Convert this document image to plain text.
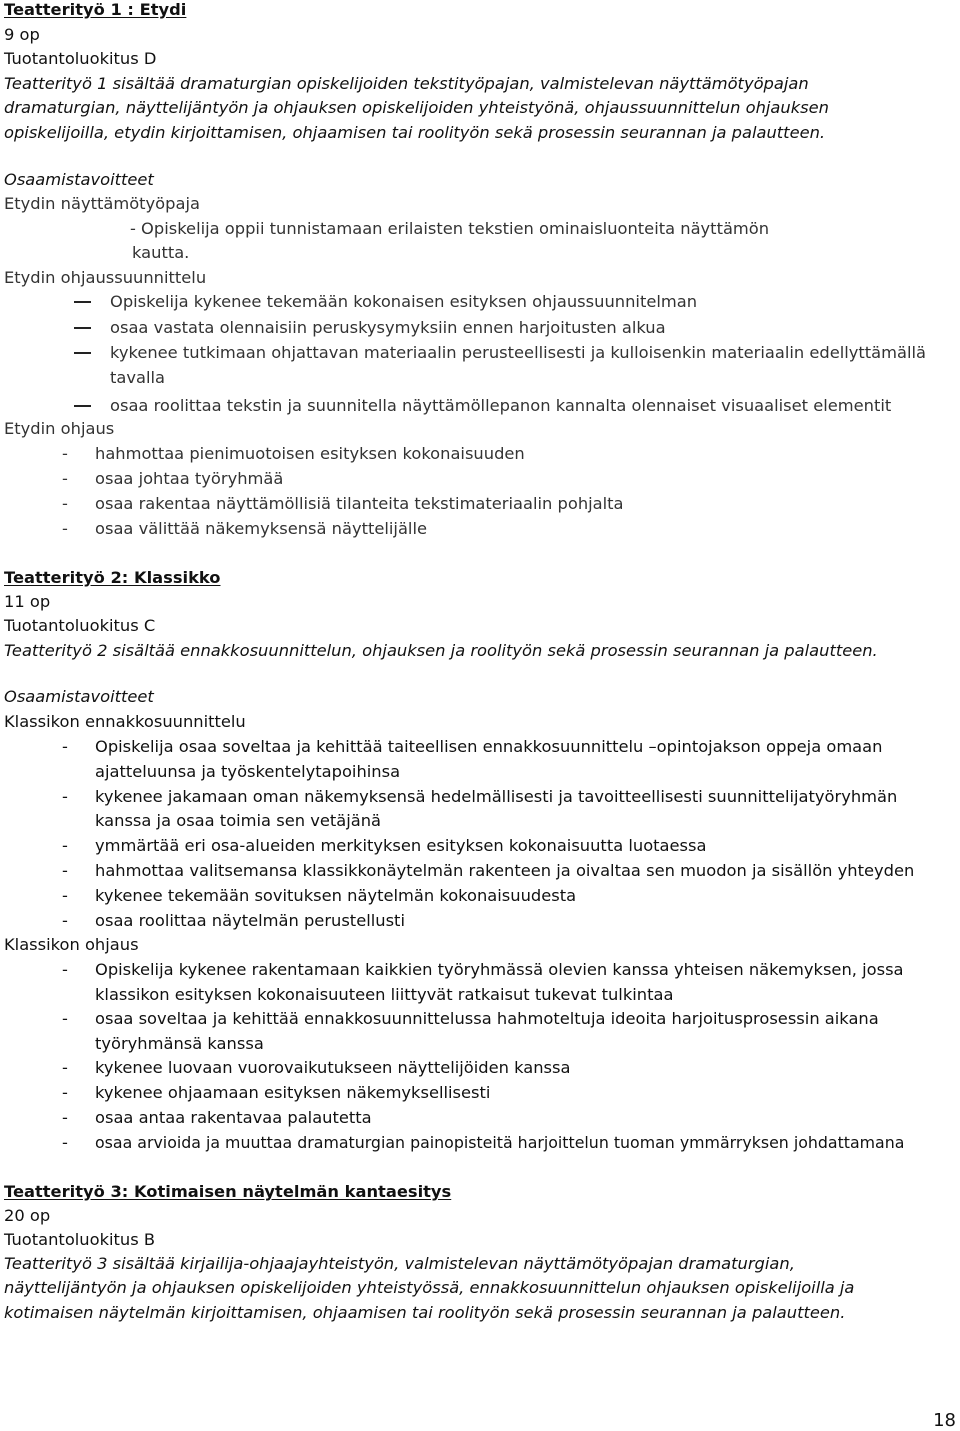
Teatterityö 1 : Etydi
9 op
Tuotantoluokitus D
Teatterityö 1 sisältää dramaturgian opiskelijoiden tekstityöpajan, valmistelevan näyttämötyöpajan
dramaturgian, näyttelijäntyön ja ohjauksen opiskelijoiden yhteistyönä, ohjaussuunnittelun ohjauksen
opiskelijoilla, etydin kirjoittamisen, ohjaamisen tai roolityön sekä prosessin seurannan ja palautteen.
Osaamistavoitteet
Etydin näyttämötyöpaja
- Opiskelija oppii tunnistamaan erilaisten tekstien ominaisluonteita näyttämön
kautta.
Etydin ohjaussuunnittelu
Opiskelija kykenee tekemään kokonaisen esityksen ohjaussuunnitelman
osaa vastata olennaisiin peruskysymyksiin ennen harjoitusten alkua
kykenee tutkimaan ohjattavan materiaalin perusteellisesti ja kulloisenkin materiaalin edellyttämällä
tavalla
osaa roolittaa tekstin ja suunnitella näyttämöllepanon kannalta olennaiset visuaaliset elementit
Etydin ohjaus
- hahmottaa pienimuotoisen esityksen kokonaisuuden
- osaa johtaa työryhmää
- osaa rakentaa näyttämöllisiä tilanteita tekstimateriaalin pohjalta
- osaa välittää näkemyksensä näyttelijälle
Teatterityö 2: Klassikko
11 op
Tuotantoluokitus C
Teatterityö 2 sisältää ennakkosuunnittelun, ohjauksen ja roolityön sekä prosessin seurannan ja palautteen.
Osaamistavoitteet
Klassikon ennakkosuunnittelu
- Opiskelija osaa soveltaa ja kehittää taiteellisen ennakkosuunnittelu –opintojakson oppeja omaan
ajatteluunsa ja työskentelytapoihinsa
- kykenee jakamaan oman näkemyksensä hedelmällisesti ja tavoitteellisesti suunnittelijatyöryhmän
kanssa ja osaa toimia sen vetäjänä
- ymmärtää eri osa-alueiden merkityksen esityksen kokonaisuutta luotaessa
- hahmottaa valitsemansa klassikkonäytelmän rakenteen ja oivaltaa sen muodon ja sisällön yhteyden
- kykenee tekemään sovituksen näytelmän kokonaisuudesta
- osaa roolittaa näytelmän perustellusti
Klassikon ohjaus
- Opiskelija kykenee rakentamaan kaikkien työryhmässä olevien kanssa yhteisen näkemyksen, jossa
klassikon esityksen kokonaisuuteen liittyvät ratkaisut tukevat tulkintaa
- osaa soveltaa ja kehittää ennakkosuunnittelussa hahmoteltuja ideoita harjoitusprosessin aikana
työryhmänsä kanssa
- kykenee luovaan vuorovaikutukseen näyttelijöiden kanssa
- kykenee ohjaamaan esityksen näkemyksellisesti
- osaa antaa rakentavaa palautetta
- osaa arvioida ja muuttaa dramaturgian painopisteitä harjoittelun tuoman ymmärryksen johdattamana
Teatterityö 3: Kotimaisen näytelmän kantaesitys
20 op
Tuotantoluokitus B
Teatterityö 3 sisältää kirjailija-ohjaajayhteistyön, valmistelevan näyttämötyöpajan dramaturgian,
näyttelijäntyön ja ohjauksen opiskelijoiden yhteistyössä, ennakkosuunnittelun ohjauksen opiskelijoilla ja
kotimaisen näytelmän kirjoittamisen, ohjaamisen tai roolityön sekä prosessin seurannan ja palautteen.
18
